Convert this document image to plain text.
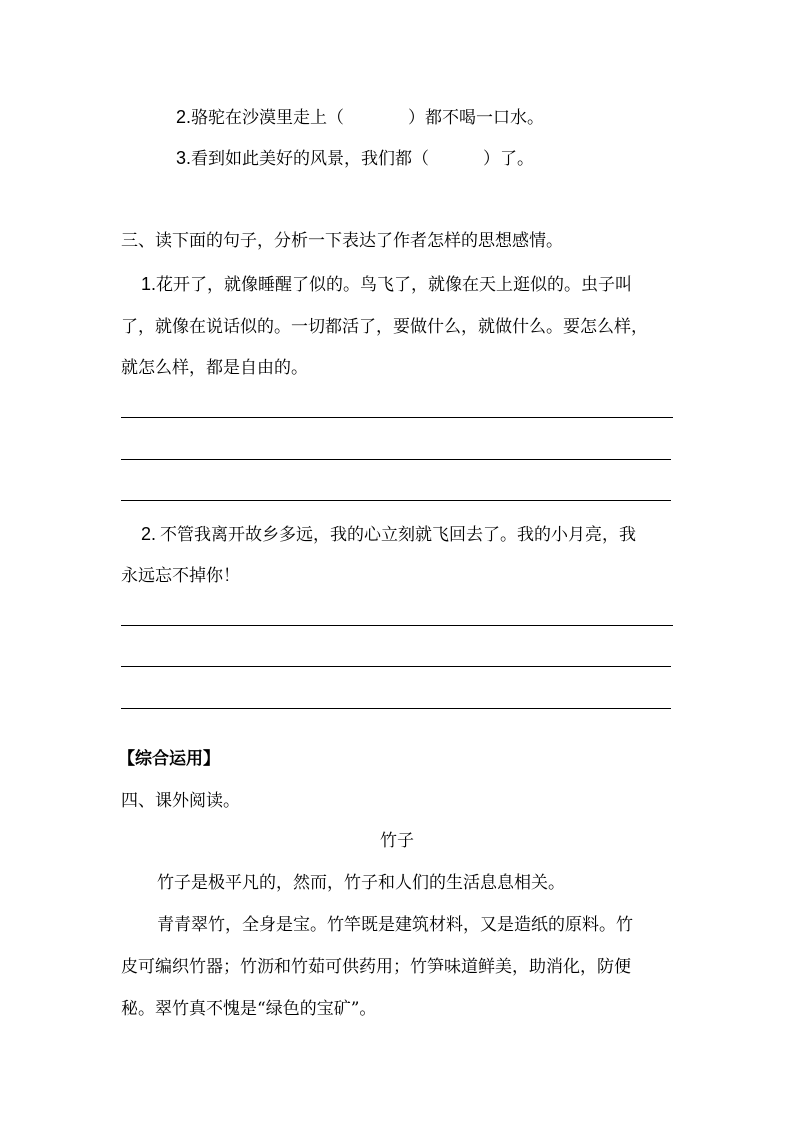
2.骆驼在沙漠里走上（	）都不喝一口水。
3.看到如此美好的风景，我们都（	）了。
三、读下面的句子，分析一下表达了作者怎样的思想感情。
1.花开了，就像睡醒了似的。鸟飞了，就像在天上逛似的。虫子叫
了，就像在说话似的。一切都活了，要做什么，就做什么。要怎么样，
就怎么样，都是自由的。
2. 不管我离开故乡多远，我的心立刻就飞回去了。我的小月亮，我
永远忘不掉你！
【综合运用】
四、课外阅读。
竹子
竹子是极平凡的，然而，竹子和人们的生活息息相关。
青青翠竹，全身是宝。竹竿既是建筑材料，又是造纸的原料。竹
皮可编织竹器；竹沥和竹茹可供药用；竹笋味道鲜美，助消化，防便
秘。翠竹真不愧是“绿色的宝矿”。
